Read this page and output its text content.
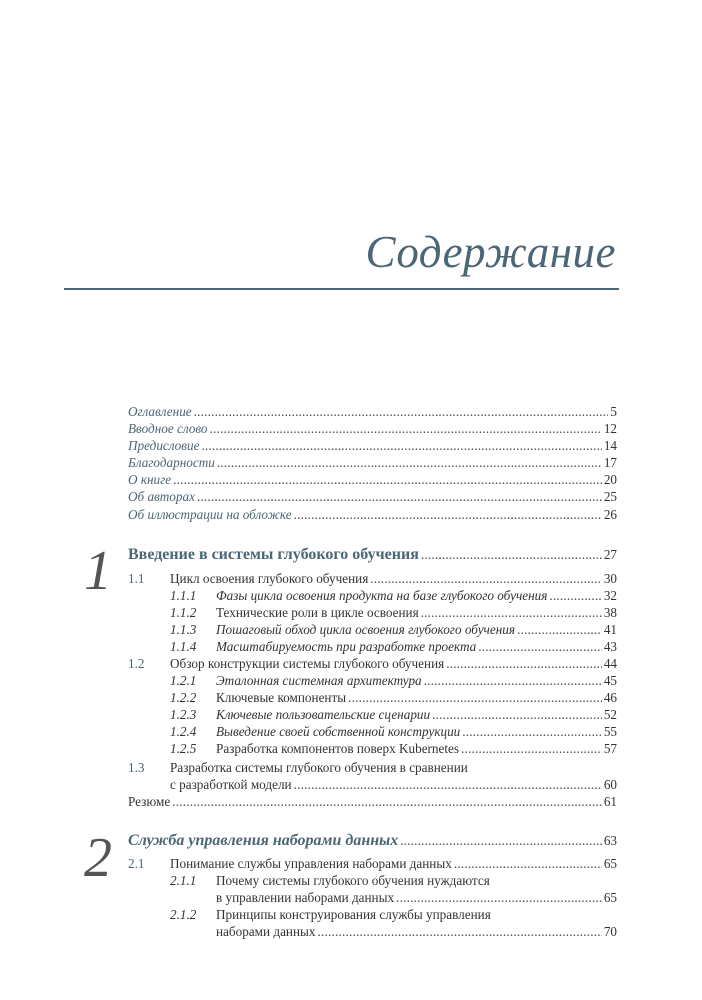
Содержание
Оглавление .....	5
Вводное слово .....	12
Предисловие .....	14
Благодарности .....	17
О книге .....	20
Об авторах .....	25
Об иллюстрации на обложке .....	26
1 Введение в системы глубокого обучения .....	27
1.1	Цикл освоения глубокого обучения .....	30
1.1.1	Фазы цикла освоения продукта на базе глубокого обучения .....	32
1.1.2	Технические роли в цикле освоения .....	38
1.1.3	Пошаговый обход цикла освоения глубокого обучения .....	41
1.1.4	Масштабируемость при разработке проекта .....	43
1.2	Обзор конструкции системы глубокого обучения .....	44
1.2.1	Эталонная системная архитектура .....	45
1.2.2	Ключевые компоненты .....	46
1.2.3	Ключевые пользовательские сценарии .....	52
1.2.4	Выведение своей собственной конструкции .....	55
1.2.5	Разработка компонентов поверх Kubernetes .....	57
1.3 Разработка системы глубокого обучения в сравнении
с разработкой модели .....	60
Резюме .....	61
2 Служба управления наборами данных .....	63
2.1	Понимание службы управления наборами данных .....	65
2.1.1 Почему системы глубокого обучения нуждаются
в управлении наборами данных .....	65
2.1.2 Принципы конструирования службы управления
наборами данных .....	70
